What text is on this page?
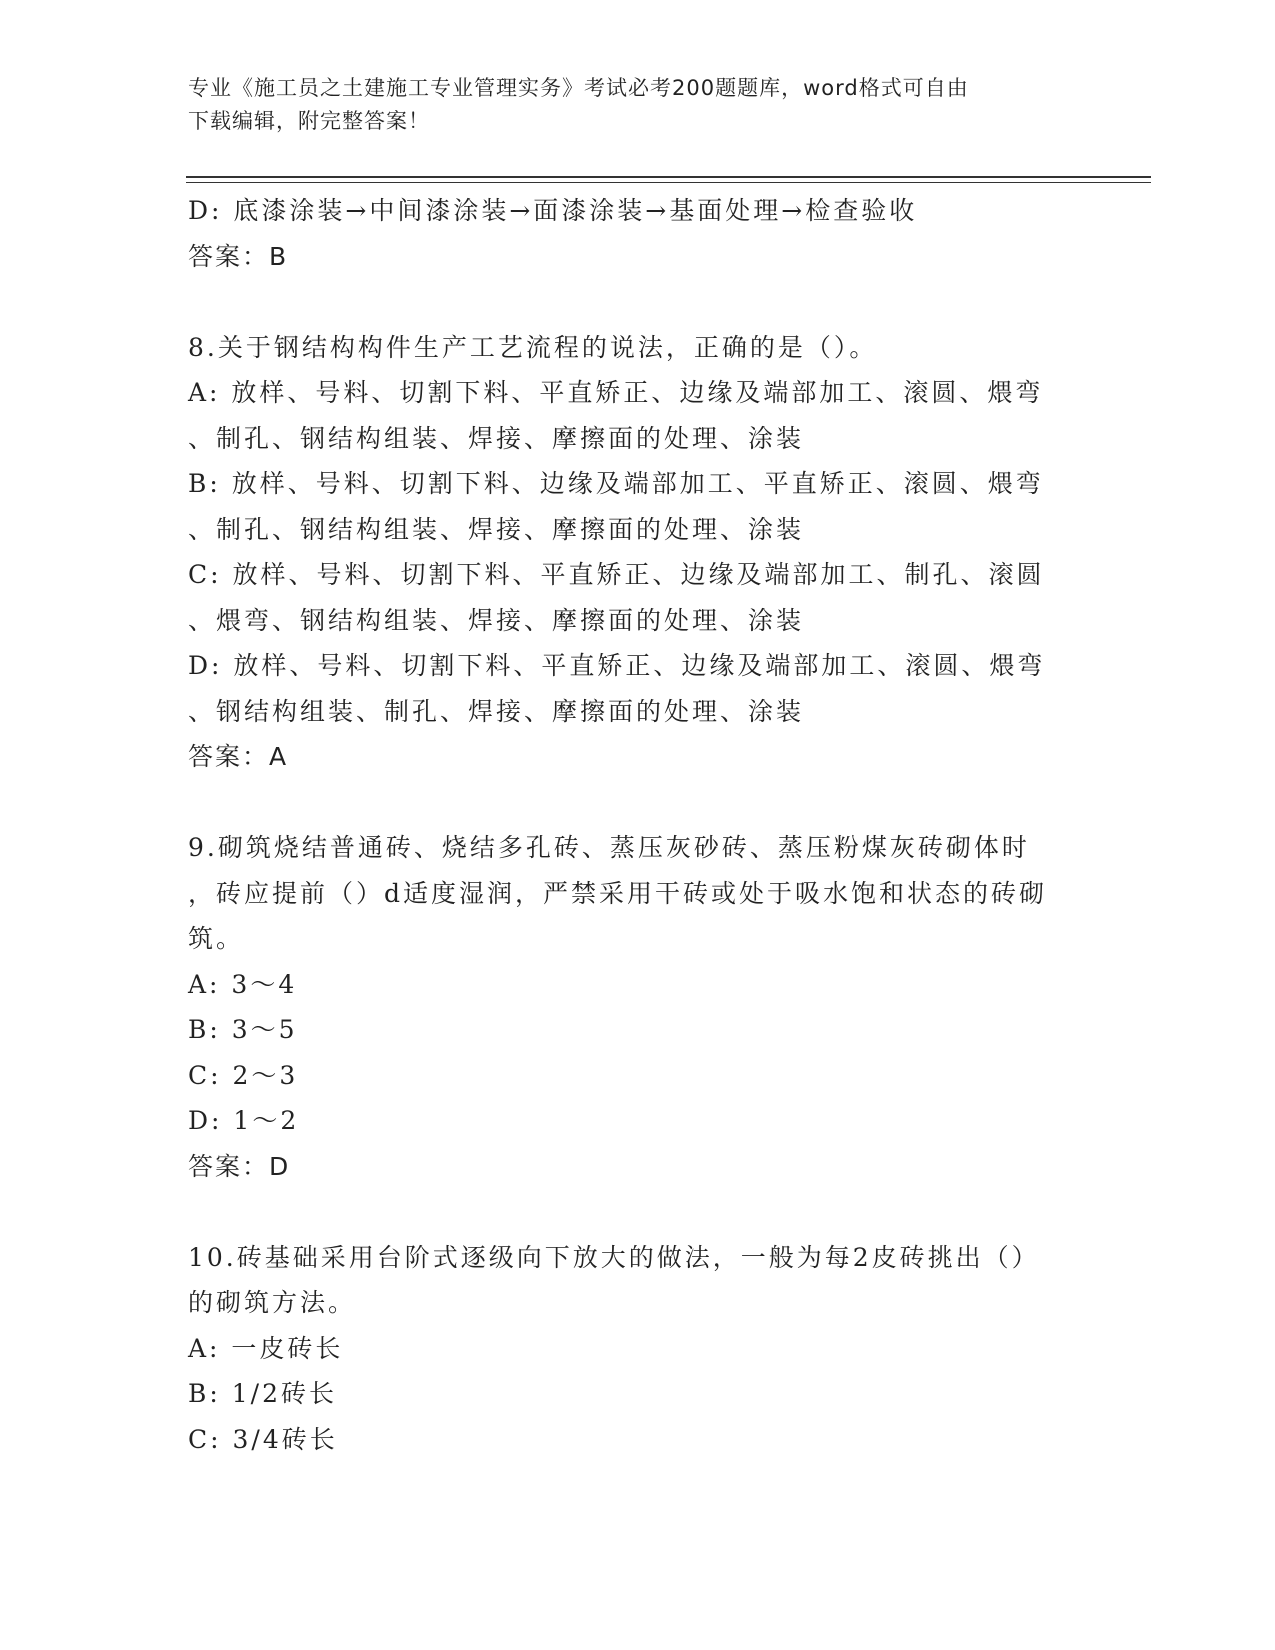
专业《施工员之土建施工专业管理实务》考试必考200题题库，word格式可自由
下载编辑，附完整答案！
D: 底漆涂装→中间漆涂装→面漆涂装→基面处理→检查验收
答案：B
8.关于钢结构构件生产工艺流程的说法，正确的是（）。
A: 放样、号料、切割下料、平直矫正、边缘及端部加工、滚圆、煨弯
、制孔、钢结构组装、焊接、摩擦面的处理、涂装
B: 放样、号料、切割下料、边缘及端部加工、平直矫正、滚圆、煨弯
、制孔、钢结构组装、焊接、摩擦面的处理、涂装
C: 放样、号料、切割下料、平直矫正、边缘及端部加工、制孔、滚圆
、煨弯、钢结构组装、焊接、摩擦面的处理、涂装
D: 放样、号料、切割下料、平直矫正、边缘及端部加工、滚圆、煨弯
、钢结构组装、制孔、焊接、摩擦面的处理、涂装
答案：A
9.砌筑烧结普通砖、烧结多孔砖、蒸压灰砂砖、蒸压粉煤灰砖砌体时
，砖应提前（）d适度湿润，严禁采用干砖或处于吸水饱和状态的砖砌
筑。
A: 3～4
B: 3～5
C: 2～3
D: 1～2
答案：D
10.砖基础采用台阶式逐级向下放大的做法，一般为每2皮砖挑出（）
的砌筑方法。
A: 一皮砖长
B: 1/2砖长
C: 3/4砖长
